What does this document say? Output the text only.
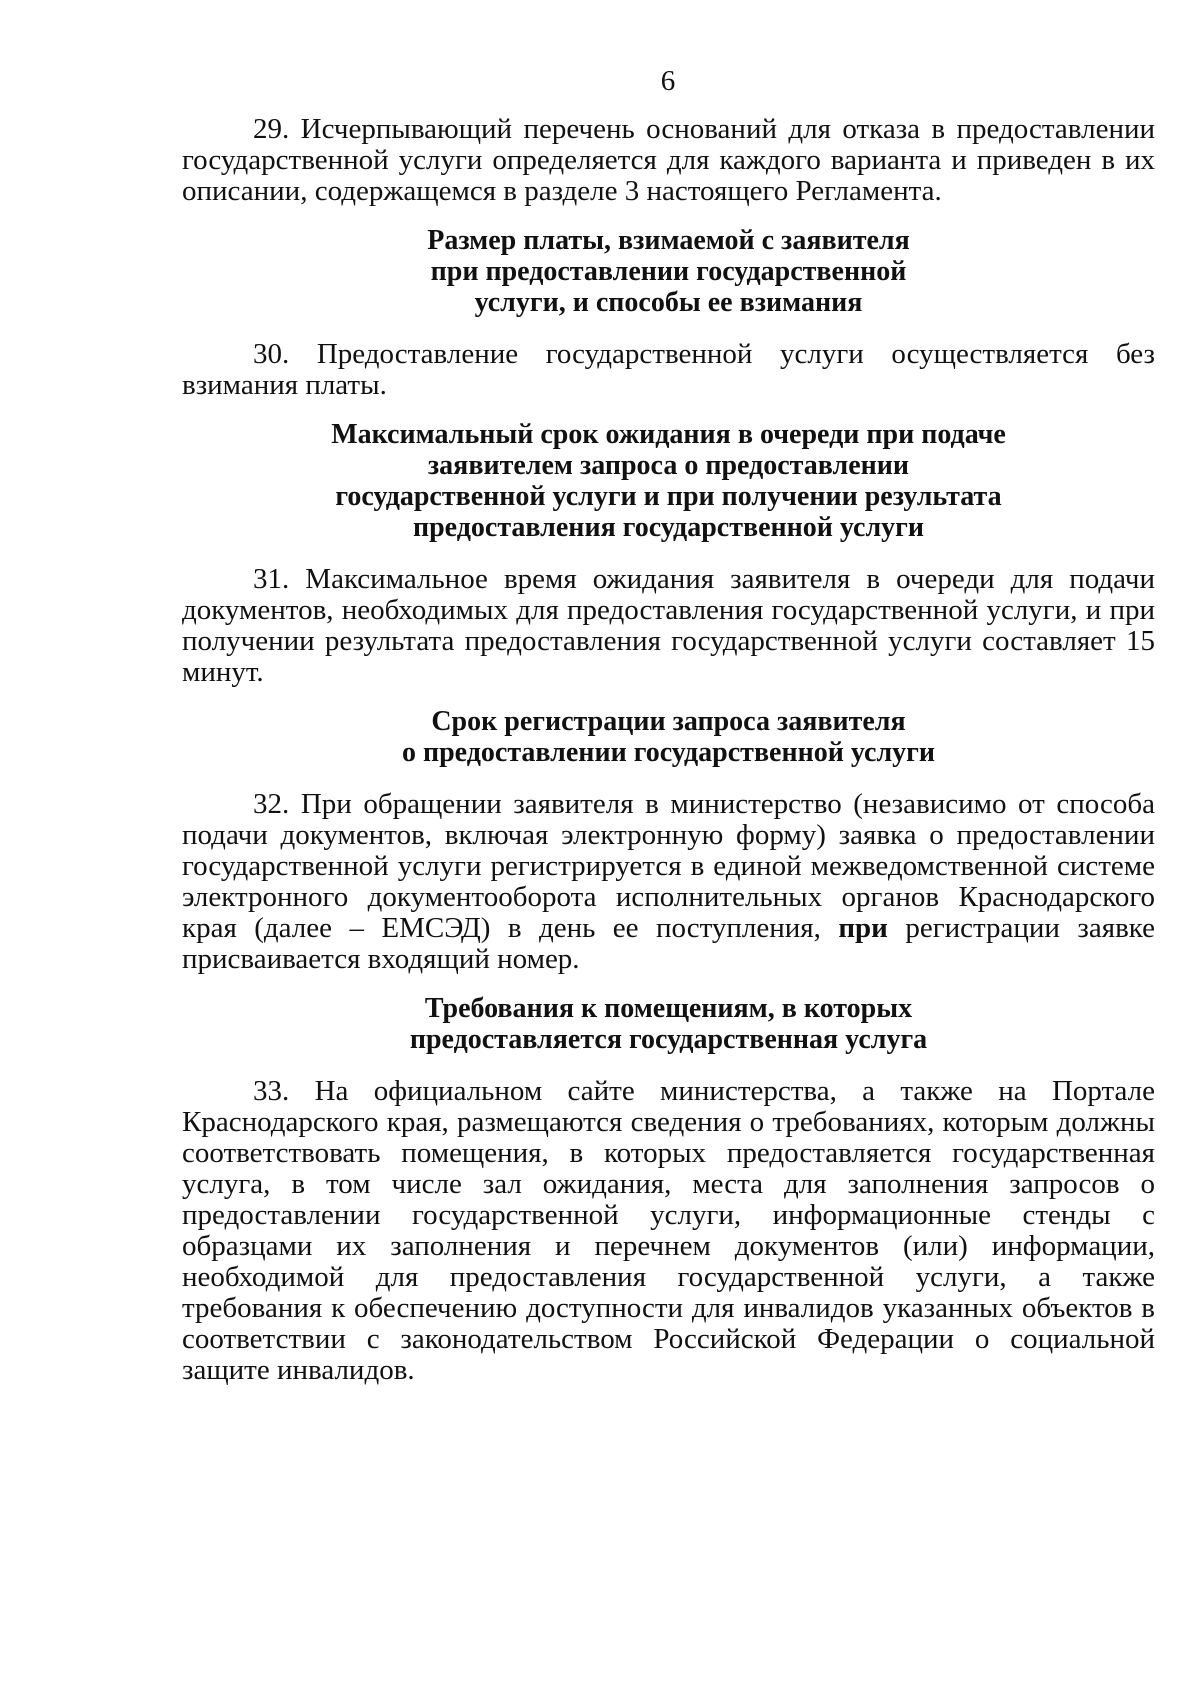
6

29. Исчерпывающий перечень оснований для отказа в предоставлении государственной услуги определяется для каждого варианта и приведен в их описании, содержащемся в разделе 3 настоящего Регламента.

Размер платы, взимаемой с заявителя
при предоставлении государственной
услуги, и способы ее взимания

30. Предоставление государственной услуги осуществляется без взимания платы.

Максимальный срок ожидания в очереди при подаче
заявителем запроса о предоставлении
государственной услуги и при получении результата
предоставления государственной услуги

31. Максимальное время ожидания заявителя в очереди для подачи документов, необходимых для предоставления государственной услуги, и при получении результата предоставления государственной услуги составляет 15 минут.

Срок регистрации запроса заявителя
о предоставлении государственной услуги

32. При обращении заявителя в министерство (независимо от способа подачи документов, включая электронную форму) заявка о предоставлении государственной услуги регистрируется в единой межведомственной системе электронного документооборота исполнительных органов Краснодарского края (далее – ЕМСЭД) в день ее поступления, при регистрации заявке присваивается входящий номер.

Требования к помещениям, в которых
предоставляется государственная услуга

33. На официальном сайте министерства, а также на Портале Краснодарского края, размещаются сведения о требованиях, которым должны соответствовать помещения, в которых предоставляется государственная услуга, в том числе зал ожидания, места для заполнения запросов о предоставлении государственной услуги, информационные стенды с образцами их заполнения и перечнем документов (или) информации, необходимой для предоставления государственной услуги, а также требования к обеспечению доступности для инвалидов указанных объектов в соответствии с законодательством Российской Федерации о социальной защите инвалидов.
